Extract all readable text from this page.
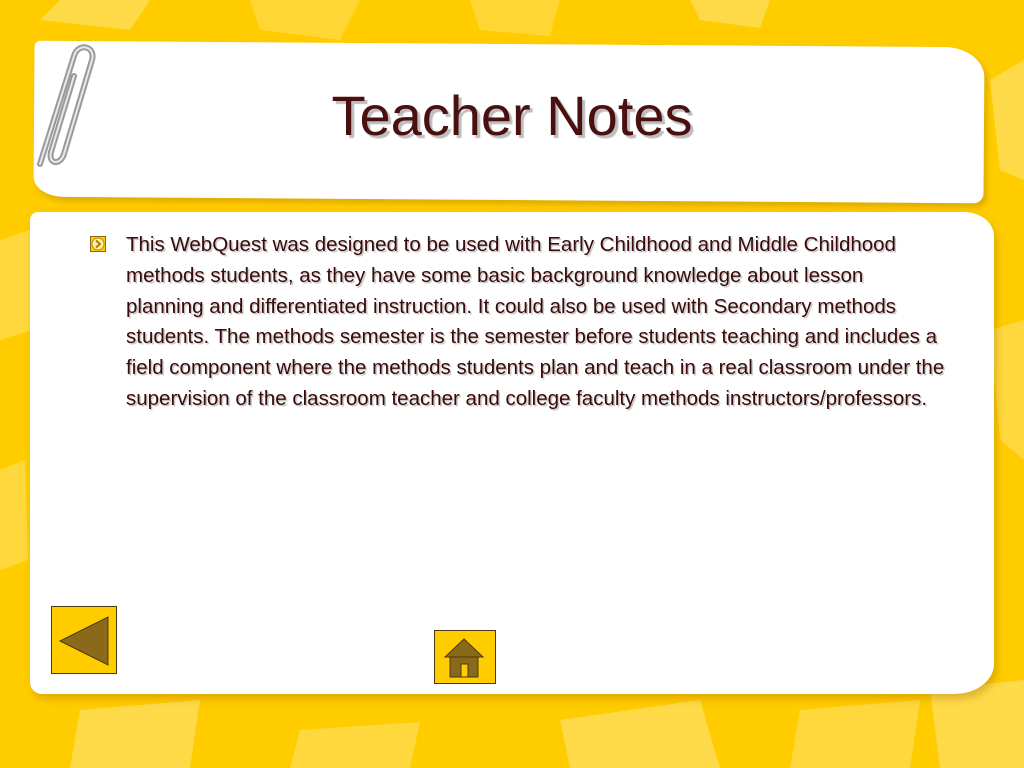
Teacher Notes
This WebQuest was designed to be used with Early Childhood and Middle Childhood methods students, as they have some basic background knowledge about lesson planning and differentiated instruction. It could also be used with Secondary methods students. The methods semester is the semester before students teaching and includes a field component where the methods students plan and teach in a real classroom under the supervision of the classroom teacher and college faculty methods instructors/professors.
